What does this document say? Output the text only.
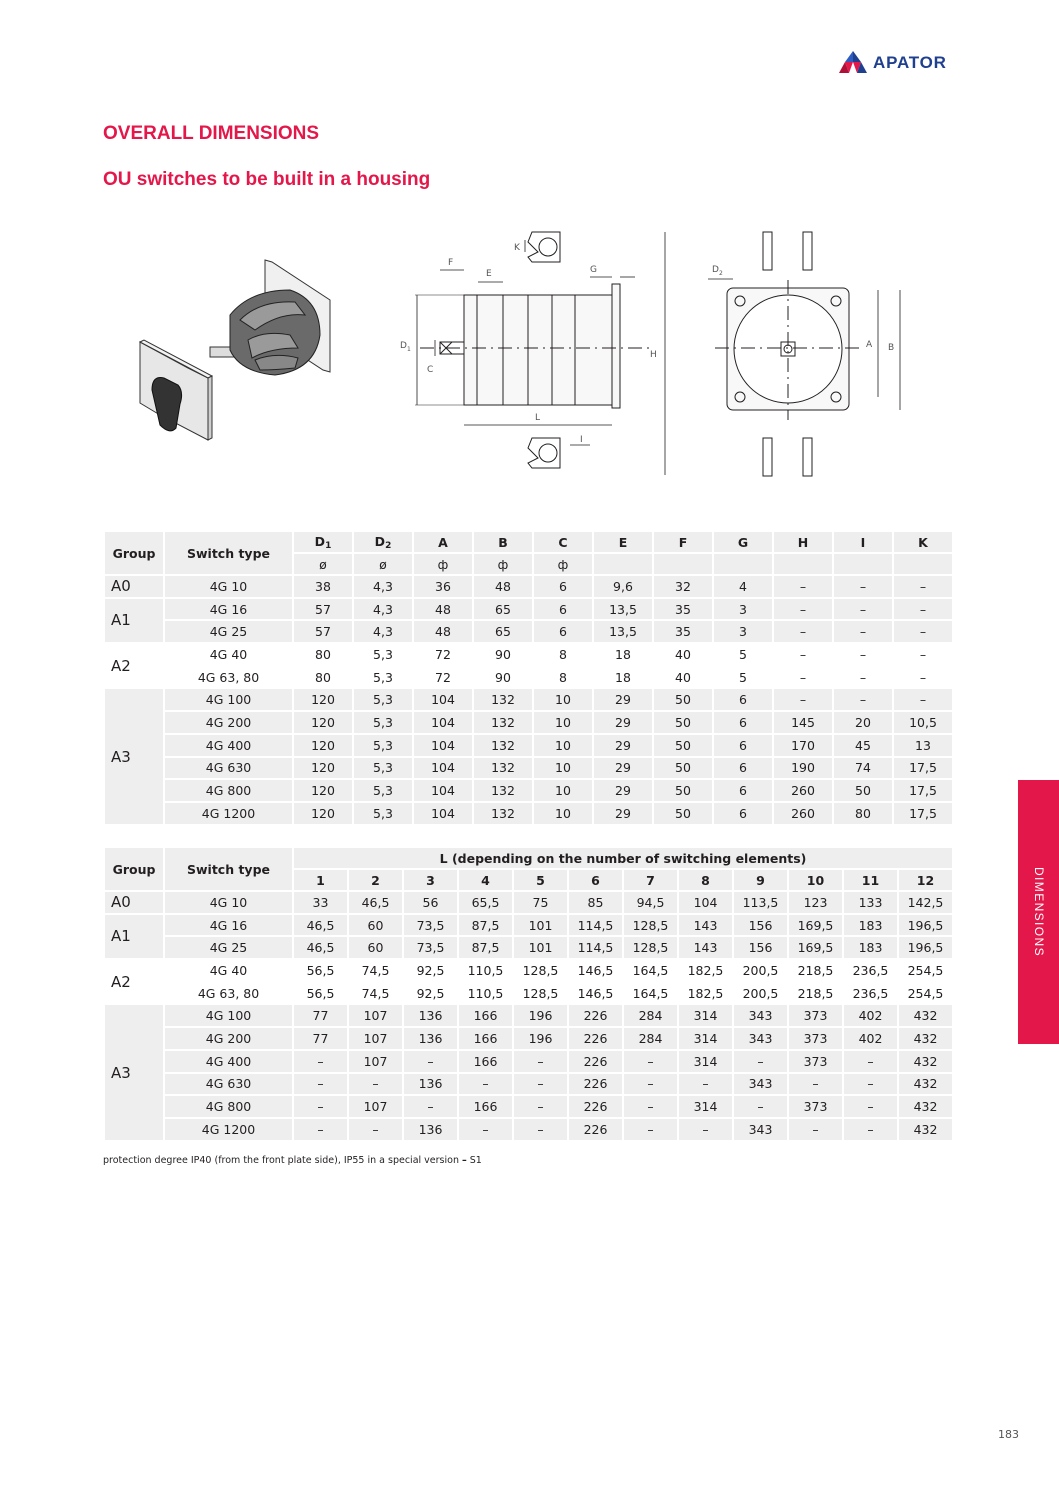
APATOR
OVERALL DIMENSIONS
OU switches to be built in a housing
F
E	G
K
D 1
C
L
H
I
D 2
A B
Group	Switch type	$D_1$	$D_2$	A	B	C	E	F	G	H	I	K
		ø	ø	ф	ф	ф						
A0	4G 10	38	4,3	36	48	6	9,6	32	4	–	–	–
A1	4G 16	57	4,3	48	65	6	13,5	35	3	–	–	–
	4G 25	57	4,3	48	65	6	13,5	35	3	–	–	–
A2	4G 40	80	5,3	72	90	8	18	40	5	–	–	–
	4G 63, 80	80	5,3	72	90	8	18	40	5	–	–	–
A3	4G 100	120	5,3	104	132	10	29	50	6	–	–	–
	4G 200	120	5,3	104	132	10	29	50	6	145	20	10,5
	4G 400	120	5,3	104	132	10	29	50	6	170	45	13
	4G 630	120	5,3	104	132	10	29	50	6	190	74	17,5
	4G 800	120	5,3	104	132	10	29	50	6	260	50	17,5
	4G 1200	120	5,3	104	132	10	29	50	6	260	80	17,5
Group	Switch type	L (depending on the number of switching elements)											
		1	2	3	4	5	6	7	8	9	10	11	12
A0	4G 10	33	46,5	56	65,5	75	85	94,5	104	113,5	123	133	142,5
A1	4G 16	46,5	60	73,5	87,5	101	114,5	128,5	143	156	169,5	183	196,5
	4G 25	46,5	60	73,5	87,5	101	114,5	128,5	143	156	169,5	183	196,5
A2	4G 40	56,5	74,5	92,5	110,5	128,5	146,5	164,5	182,5	200,5	218,5	236,5	254,5
	4G 63, 80	56,5	74,5	92,5	110,5	128,5	146,5	164,5	182,5	200,5	218,5	236,5	254,5
A3	4G 100	77	107	136	166	196	226	284	314	343	373	402	432
	4G 200	77	107	136	166	196	226	284	314	343	373	402	432
	4G 400	–	107	–	166	–	226	–	314	–	373	–	432
	4G 630	–	–	136	–	–	226	–	–	343	–	–	432
	4G 800	–	107	–	166	–	226	–	314	–	373	–	432
	4G 1200	–	–	136	–	–	226	–	–	343	–	–	432
protection degree IP40 (from the front plate side), IP55 in a special version – S1
DIMENSIONS
183
